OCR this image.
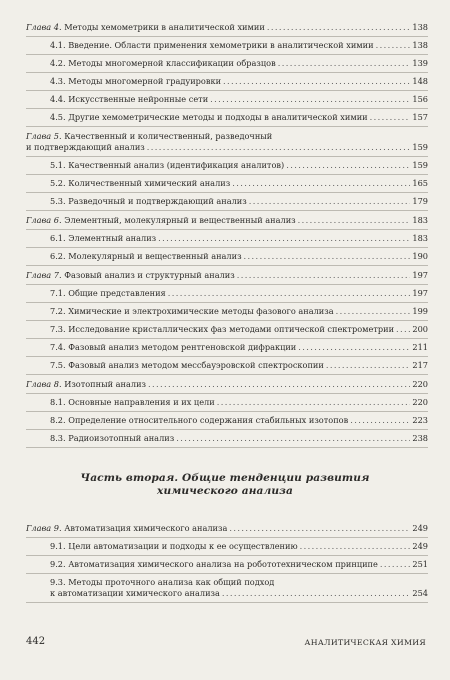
Глава 4. Методы хемометрики в аналитической химии . . .	138
4.1. Введение. Области применения хемометрики в аналитической химии . . .	138
4.2. Методы многомерной классификации образцов . . .	139
4.3. Методы многомерной градуировки . . .	148
4.4. Искусственные нейронные сети . . .	156
4.5. Другие хемометрические методы и подходы в аналитической химии . . .	157
Глава 5. Качественный и количественный, разведочный
и подтверждающий анализ . . .	159
5.1. Качественный анализ (идентификация аналитов) . . .	159
5.2. Количественный химический анализ . . .	165
5.3. Разведочный и подтверждающий анализ . . .	179
Глава 6. Элементный, молекулярный и вещественный анализ . . .	183
6.1. Элементный анализ . . .	183
6.2. Молекулярный и вещественный анализ . . .	190
Глава 7. Фазовый анализ и структурный анализ . . .	197
7.1. Общие представления . . .	197
7.2. Химические и электрохимические методы фазового анализа . . .	199
7.3. Исследование кристаллических фаз методами оптической спектрометрии . . . 200
7.4. Фазовый анализ методом рентгеновской дифракции . . .	211
7.5. Фазовый анализ методом мессбауэровской спектроскопии . . .	217
Глава 8. Изотопный анализ . . .	220
8.1. Основные направления и их цели . . .	220
8.2. Определение относительного содержания стабильных изотопов . . .	223
8.3. Радиоизотопный анализ . . .	238
Часть вторая. Общие тенденции развития
химического анализа
Глава 9. Автоматизация химического анализа . . .	249
9.1. Цели автоматизации и подходы к ее осуществлению . . .	249
9.2. Автоматизация химического анализа на робототехническом принципе . . .	251
9.3. Методы проточного анализа как общий подход
к автоматизации химического анализа . . .	254
442	АНАЛИТИЧЕСКАЯ ХИМИЯ
